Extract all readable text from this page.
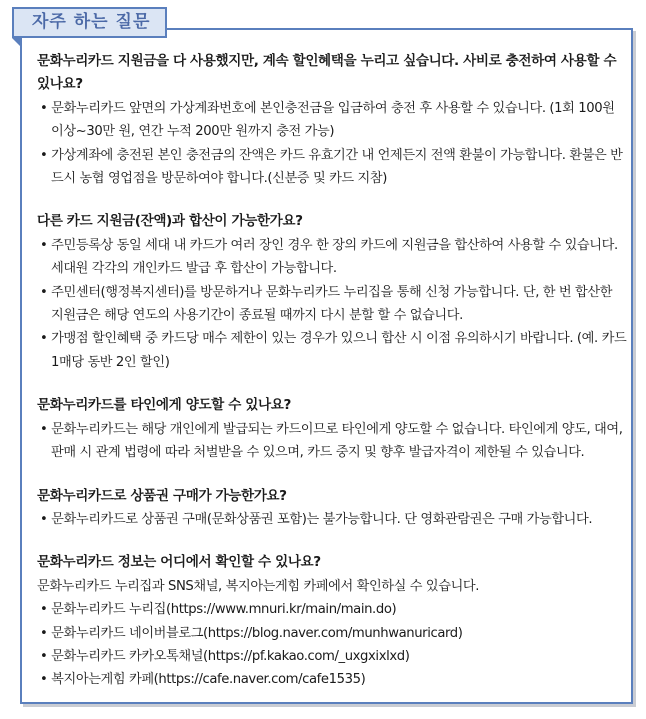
자주 하는 질문
문화누리카드 지원금을 다 사용했지만, 계속 할인혜택을 누리고 싶습니다. 사비로 충전하여 사용할 수 있나요?
• 문화누리카드 앞면의 가상계좌번호에 본인충전금을 입금하여 충전 후 사용할 수 있습니다. (1회 100원 이상~30만 원, 연간 누적 200만 원까지 충전 가능)
• 가상계좌에 충전된 본인 충전금의 잔액은 카드 유효기간 내 언제든지 전액 환불이 가능합니다. 환불은 반드시 농협 영업점을 방문하여야 합니다.(신분증 및 카드 지참)
다른 카드 지원금(잔액)과 합산이 가능한가요?
• 주민등록상 동일 세대 내 카드가 여러 장인 경우 한 장의 카드에 지원금을 합산하여 사용할 수 있습니다. 세대원 각각의 개인카드 발급 후 합산이 가능합니다.
• 주민센터(행정복지센터)를 방문하거나 문화누리카드 누리집을 통해 신청 가능합니다. 단, 한 번 합산한 지원금은 해당 연도의 사용기간이 종료될 때까지 다시 분할 할 수 없습니다.
• 가맹점 할인혜택 중 카드당 매수 제한이 있는 경우가 있으니 합산 시 이점 유의하시기 바랍니다. (예. 카드 1매당 동반 2인 할인)
문화누리카드를 타인에게 양도할 수 있나요?
• 문화누리카드는 해당 개인에게 발급되는 카드이므로 타인에게 양도할 수 없습니다. 타인에게 양도, 대여, 판매 시 관계 법령에 따라 처벌받을 수 있으며, 카드 중지 및 향후 발급자격이 제한될 수 있습니다.
문화누리카드로 상품권 구매가 가능한가요?
• 문화누리카드로 상품권 구매(문화상품권 포함)는 불가능합니다. 단 영화관람권은 구매 가능합니다.
문화누리카드 정보는 어디에서 확인할 수 있나요?
문화누리카드 누리집과 SNS채널, 복지아는게힘 카페에서 확인하실 수 있습니다.
• 문화누리카드 누리집(https://www.mnuri.kr/main/main.do)
• 문화누리카드 네이버블로그(https://blog.naver.com/munhwanuricard)
• 문화누리카드 카카오톡채널(https://pf.kakao.com/_uxgxixlxd)
• 복지아는게힘 카페(https://cafe.naver.com/cafe1535)
